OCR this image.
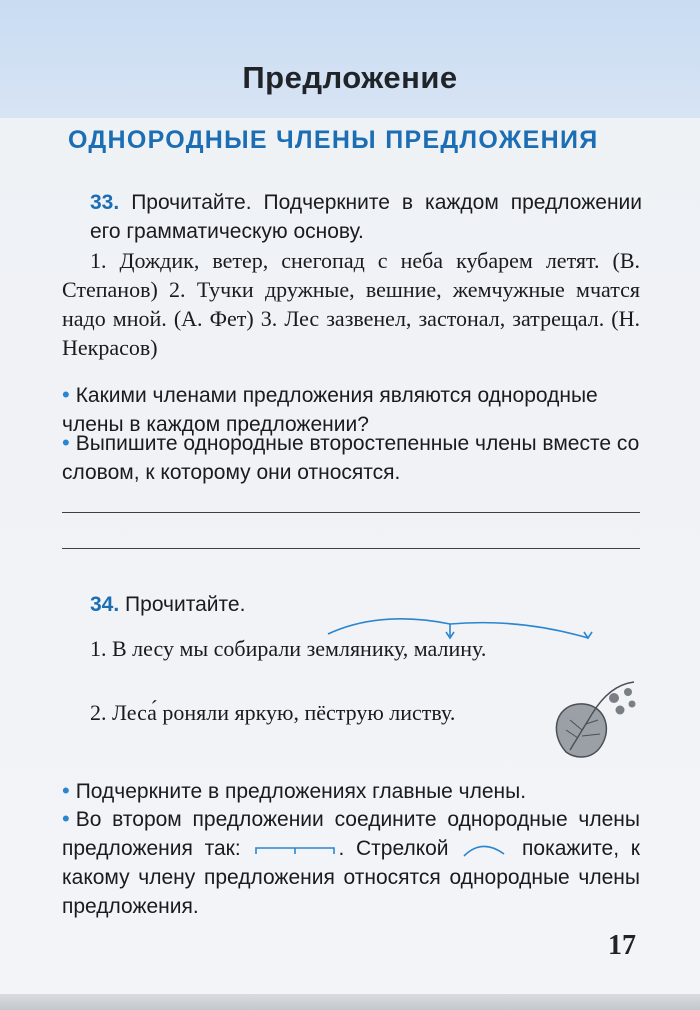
Предложение
ОДНОРОДНЫЕ ЧЛЕНЫ ПРЕДЛОЖЕНИЯ
33. Прочитайте. Подчеркните в каждом предложении его грамматическую основу.
1. Дождик, ветер, снегопад с неба кубарем летят. (В. Степанов) 2. Тучки дружные, вешние, жемчужные мчатся надо мной. (А. Фет) 3. Лес зазвенел, застонал, затрещал. (Н. Некрасов)
• Какими членами предложения являются однородные члены в каждом предложении?
• Выпишите однородные второстепенные члены вместе со словом, к которому они относятся.
34. Прочитайте.
1. В лесу мы собирали землянику, малину.
2. Леса́ роняли яркую, пёструю листву.
• Подчеркните в предложениях главные члены.
• Во втором предложении соедините однородные члены предложения так:	. Стрелкой	покажите, к какому члену предложения относятся однородные члены предложения.
17
